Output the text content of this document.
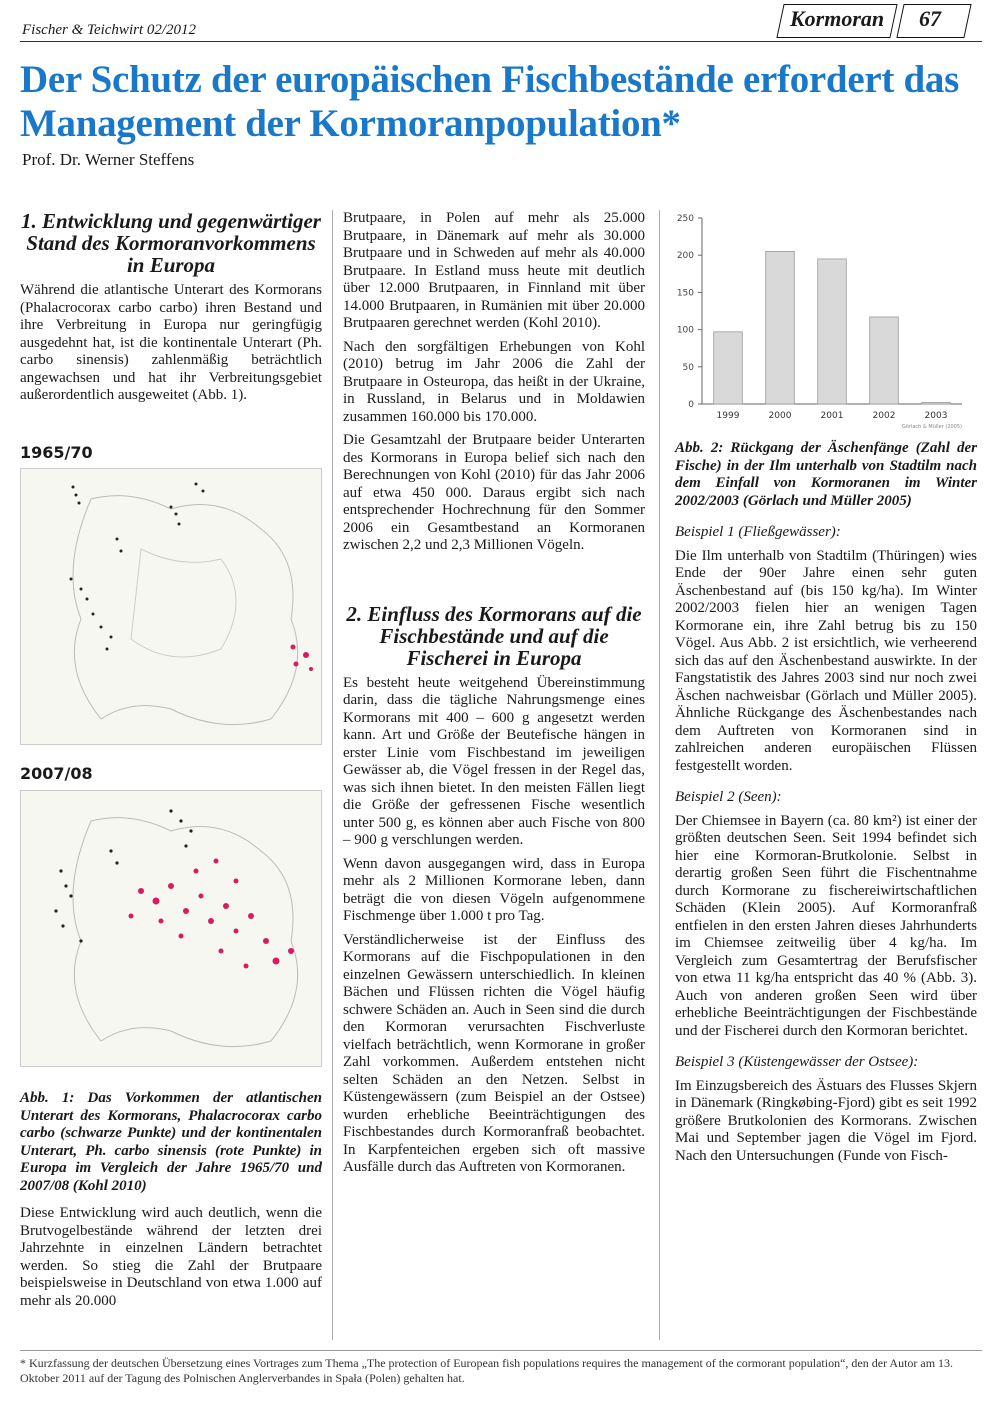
Fischer & Teichwirt 02/2012	Kormoran 67
Der Schutz der europäischen Fischbestände erfordert das Management der Kormoranpopulation*
Prof. Dr. Werner Steffens
1. Entwicklung und gegenwärtiger Stand des Kormoranvorkommens in Europa

Während die atlantische Unterart des Kormorans (Phalacrocorax carbo carbo) ihren Bestand und ihre Verbreitung in Europa nur geringfügig ausgedehnt hat, ist die kontinentale Unterart (Ph. carbo sinensis) zahlenmäßig beträchtlich angewachsen und hat ihr Verbreitungsgebiet außerordentlich ausgeweitet (Abb. 1).

1965/70
2007/08

Abb. 1: Das Vorkommen der atlantischen Unterart des Kormorans, Phalacrocorax carbo carbo (schwarze Punkte) und der kontinentalen Unterart, Ph. carbo sinensis (rote Punkte) in Europa im Vergleich der Jahre 1965/70 und 2007/08 (Kohl 2010)

Diese Entwicklung wird auch deutlich, wenn die Brutvogelbestände während der letzten drei Jahrzehnte in einzelnen Ländern betrachtet werden. So stieg die Zahl der Brutpaare beispielsweise in Deutschland von etwa 1.000 auf mehr als 20.000

Brutpaare, in Polen auf mehr als 25.000 Brutpaare, in Dänemark auf mehr als 30.000 Brutpaare und in Schweden auf mehr als 40.000 Brutpaare. In Estland muss heute mit deutlich über 12.000 Brutpaaren, in Finnland mit über 14.000 Brutpaaren, in Rumänien mit über 20.000 Brutpaaren gerechnet werden (Kohl 2010).

Nach den sorgfältigen Erhebungen von Kohl (2010) betrug im Jahr 2006 die Zahl der Brutpaare in Osteuropa, das heißt in der Ukraine, in Russland, in Belarus und in Moldawien zusammen 160.000 bis 170.000.

Die Gesamtzahl der Brutpaare beider Unterarten des Kormorans in Europa belief sich nach den Berechnungen von Kohl (2010) für das Jahr 2006 auf etwa 450 000. Daraus ergibt sich nach entsprechender Hochrechnung für den Sommer 2006 ein Gesamtbestand an Kormoranen zwischen 2,2 und 2,3 Millionen Vögeln.

2. Einfluss des Kormorans auf die Fischbestände und auf die Fischerei in Europa

Es besteht heute weitgehend Übereinstimmung darin, dass die tägliche Nahrungsmenge eines Kormorans mit 400 – 600 g angesetzt werden kann. Art und Größe der Beutefische hängen in erster Linie vom Fischbestand im jeweiligen Gewässer ab, die Vögel fressen in der Regel das, was sich ihnen bietet. In den meisten Fällen liegt die Größe der gefressenen Fische wesentlich unter 500 g, es können aber auch Fische von 800 – 900 g verschlungen werden.

Wenn davon ausgegangen wird, dass in Europa mehr als 2 Millionen Kormorane leben, dann beträgt die von diesen Vögeln aufgenommene Fischmenge über 1.000 t pro Tag.

Verständlicherweise ist der Einfluss des Kormorans auf die Fischpopulationen in den einzelnen Gewässern unterschiedlich. In kleinen Bächen und Flüssen richten die Vögel häufig schwere Schäden an. Auch in Seen sind die durch den Kormoran verursachten Fischverluste vielfach beträchtlich, wenn Kormorane in großer Zahl vorkommen. Außerdem entstehen nicht selten Schäden an den Netzen. Selbst in Küstengewässern (zum Beispiel an der Ostsee) wurden erhebliche Beeinträchtigungen des Fischbestandes durch Kormoranfraß beobachtet. In Karpfenteichen ergeben sich oft massive Ausfälle durch das Auftreten von Kormoranen.

0
50
100
150
200
250
1999	2000	2001	2002	2003
Görlach & Müller (2005)

Abb. 2: Rückgang der Äschenfänge (Zahl der Fische) in der Ilm unterhalb von Stadtilm nach dem Einfall von Kormoranen im Winter 2002/2003 (Görlach und Müller 2005)

Beispiel 1 (Fließgewässer):

Die Ilm unterhalb von Stadtilm (Thüringen) wies Ende der 90er Jahre einen sehr guten Äschenbestand auf (bis 150 kg/ha). Im Winter 2002/2003 fielen hier an wenigen Tagen Kormorane ein, ihre Zahl betrug bis zu 150 Vögel. Aus Abb. 2 ist ersichtlich, wie verheerend sich das auf den Äschenbestand auswirkte. In der Fangstatistik des Jahres 2003 sind nur noch zwei Äschen nachweisbar (Görlach und Müller 2005). Ähnliche Rückgange des Äschenbestandes nach dem Auftreten von Kormoranen sind in zahlreichen anderen europäischen Flüssen festgestellt worden.

Beispiel 2 (Seen):

Der Chiemsee in Bayern (ca. 80 km²) ist einer der größten deutschen Seen. Seit 1994 befindet sich hier eine Kormoran-Brutkolonie. Selbst in derartig großen Seen führt die Fischentnahme durch Kormorane zu fischereiwirtschaftlichen Schäden (Klein 2005). Auf Kormoranfraß entfielen in den ersten Jahren dieses Jahrhunderts im Chiemsee zeitweilig über 4 kg/ha. Im Vergleich zum Gesamtertrag der Berufsfischer von etwa 11 kg/ha entspricht das 40 % (Abb. 3). Auch von anderen großen Seen wird über erhebliche Beeinträchtigungen der Fischbestände und der Fischerei durch den Kormoran berichtet.

Beispiel 3 (Küstengewässer der Ostsee):

Im Einzugsbereich des Ästuars des Flusses Skjern in Dänemark (Ringkøbing-Fjord) gibt es seit 1992 größere Brutkolonien des Kormorans. Zwischen Mai und September jagen die Vögel im Fjord. Nach den Untersuchungen (Funde von Fisch-

* Kurzfassung der deutschen Übersetzung eines Vortrages zum Thema „The protection of European fish populations requires the management of the cormorant population“, den der Autor am 13. Oktober 2011 auf der Tagung des Polnischen Anglerverbandes in Spała (Polen) gehalten hat.
